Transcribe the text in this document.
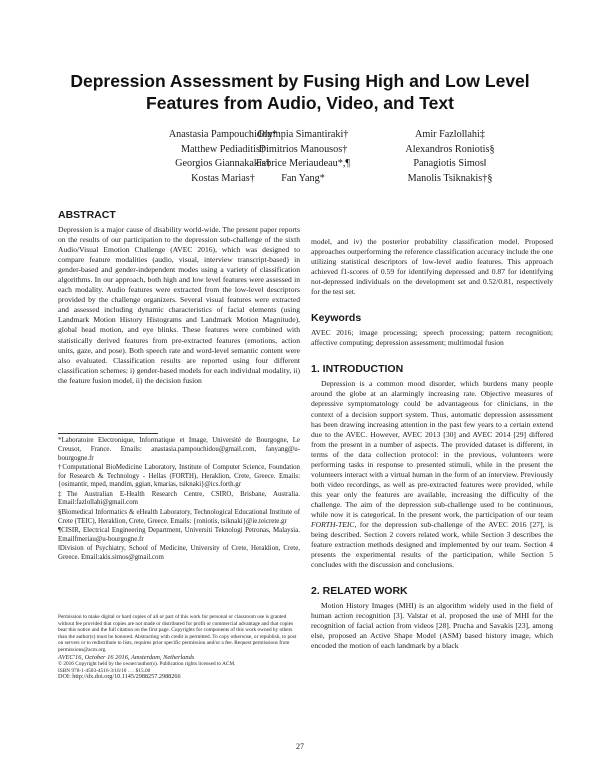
Depression Assessment by Fusing High and Low Level
Features from Audio, Video, and Text
Anastasia Pampouchidou*
Matthew Pediaditis†
Georgios Giannakakis†
Kostas Marias†
Olympia Simantiraki†
Dimitrios Manousos†
Fabrice Meriaudeau*,¶
Fan Yang*
Amir Fazlollahi‡
Alexandros Roniotis§
Panagiotis Simos‖
Manolis Tsiknakis†§
ABSTRACT

Depression is a major cause of disability world-wide. The present paper reports on the results of our participation to the depression sub-challenge of the sixth Audio/Visual Emotion Challenge (AVEC 2016), which was designed to compare feature modalities (audio, visual, interview transcript-based) in gender-based and gender-independent modes using a variety of classification algorithms. In our approach, both high and low level features were assessed in each modality. Audio features were extracted from the low-level descriptors provided by the challenge organizers. Several visual features were extracted and assessed including dynamic characteristics of facial elements (using Landmark Motion History Histograms and Landmark Motion Magnitude), global head motion, and eye blinks. These features were combined with statistically derived features from pre-extracted features (emotions, action units, gaze, and pose). Both speech rate and word-level semantic content were also evaluated. Classification results are reported using four different classification schemes: i) gender-based models for each individual modality, ii) the feature fusion model, ii) the decision fusion

*Laboratoire Electronique, Informatique et Image, Université de Bourgogne, Le Creusot, France. Emails: anastasia.pampouchidou@gmail.com, fanyang@u-bourgogne.fr

†Computational BioMedicine Laboratory, Institute of Computer Science, Foundation for Research & Technology - Hellas (FORTH), Heraklion, Crete, Greece. Emails: {osimantir, mped, mandim, ggian, kmarias, tsiknaki}@ics.forth.gr

‡The Australian E-Health Research Centre, CSIRO, Brisbane, Australia. Email:fazlollahi@gmail.com

§Biomedical Informatics & eHealth Laboratory, Technological Educational Institute of Crete (TEIC), Heraklion, Crete, Greece. Emails: {roniotis, tsiknaki}@ie.teicrete.gr

¶CISIR, Electrical Engineering Department, Universiti Teknologi Petronas, Malaysia. Emailfmeriau@u-bourgogne.fr

‖Division of Psychiatry, School of Medicine, University of Crete, Heraklion, Crete, Greece. Email:akis.simos@gmail.com

Permission to make digital or hard copies of all or part of this work for personal or classroom use is granted without fee provided that copies are not made or distributed for profit or commercial advantage and that copies bear this notice and the full citation on the first page. Copyrights for components of this work owned by others than the author(s) must be honored. Abstracting with credit is permitted. To copy otherwise, or republish, to post on servers or to redistribute to lists, requires prior specific permission and/or a fee. Request permissions from permissions@acm.org.

AVEC'16, October 16 2016, Amsterdam, Netherlands

© 2016 Copyright held by the owner/author(s). Publication rights licensed to ACM.

ISBN 978-1-4503-4516-3/16/10 . . . $15.00

DOI: http://dx.doi.org/10.1145/2988257.2988266

model, and iv) the posterior probability classification model. Proposed approaches outperforming the reference classification accuracy include the one utilizing statistical descriptors of low-level audio features. This approach achieved f1-scores of 0.59 for identifying depressed and 0.87 for identifying not-depressed individuals on the development set and 0.52/0.81, respectively for the test set.

Keywords

AVEC 2016; image processing; speech processing; pattern recognition; affective computing; depression assessment; multimodal fusion

1. INTRODUCTION

Depression is a common mood disorder, which burdens many people around the globe at an alarmingly increasing rate. Objective measures of depressive symptomatology could be advantageous for clinicians, in the context of a decision support system. Thus, automatic depression assessment has been drawing increasing attention in the past few years to a certain extend due to the AVEC. However, AVEC 2013 [30] and AVEC 2014 [29] differed from the present in a number of aspects. The provided dataset is different, in terms of the data collection protocol: in the previous, volunteers were performing tasks in response to presented stimuli, while in the present the volunteers interact with a virtual human in the form of an interview. Previously both video recordings, as well as pre-extracted features were provided, while this year only the features are available, increasing the difficulty of the challenge. The aim of the depression sub-challenge used to be continuous, while now it is categorical. In the present work, the participation of our team FORTH-TEIC, for the depression sub-challenge of the AVEC 2016 [27], is being described. Section 2 covers related work, while Section 3 describes the feature extraction methods designed and implemented by our team. Section 4 presents the experimental results of the participation, while Section 5 concludes with the discussion and conclusions.

2. RELATED WORK

Motion History Images (MHI) is an algorithm widely used in the field of human action recognition [3]. Valstar et al. proposed the use of MHI for the recognition of facial action from videos [28]. Ptucha and Savakis [23], among else, proposed an Active Shape Model (ASM) based history image, which encoded the motion of each landmark by a black

27
